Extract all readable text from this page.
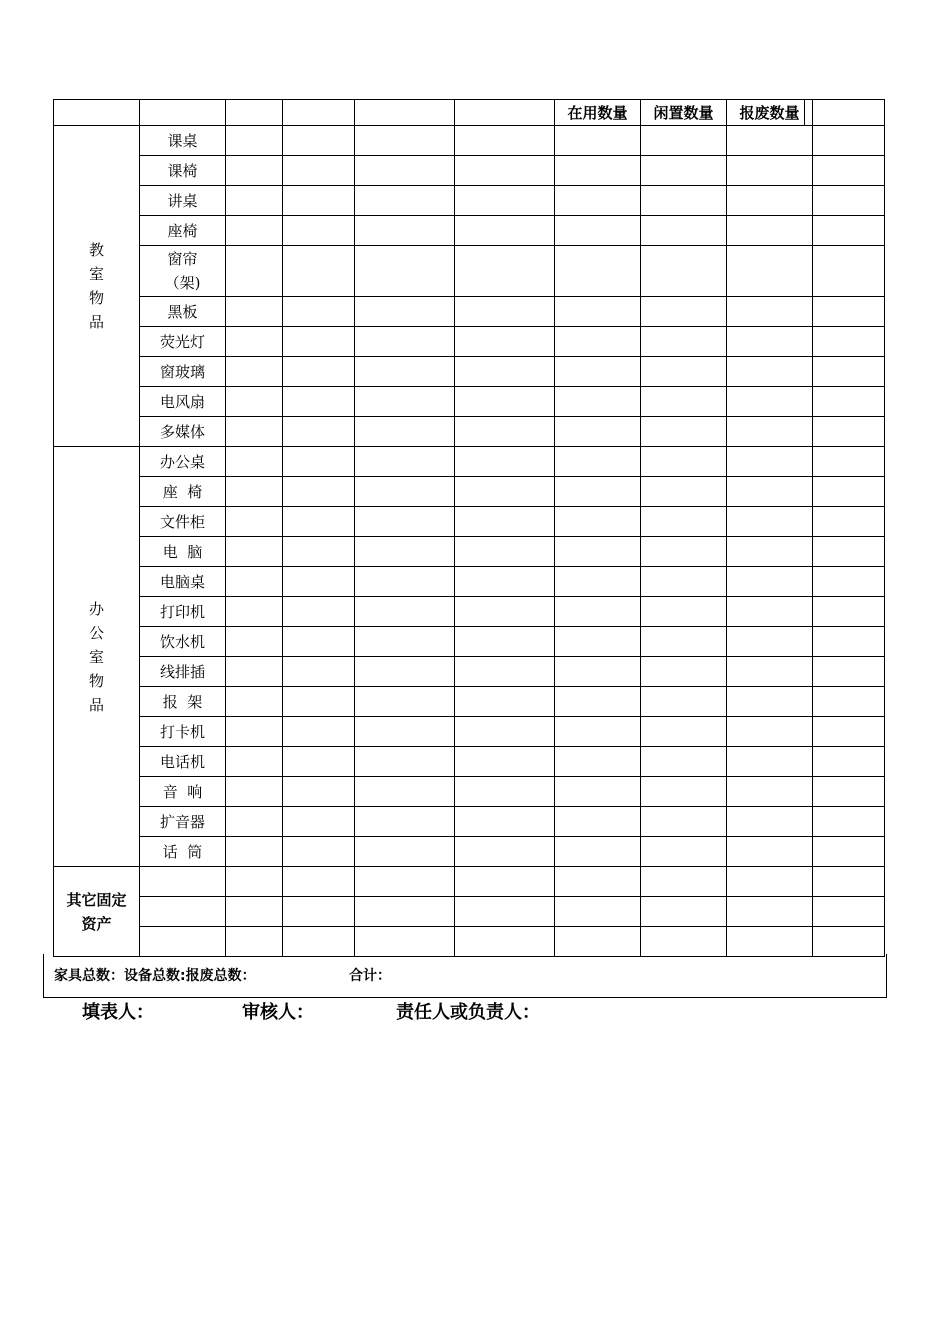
						在用数量	闲置数量	报废数量

教
室
物
品	课桌								
	课椅								
	讲桌								
	座椅								
	窗帘（架)								
	黑板								
	荧光灯								
	窗玻璃								
	电风扇								
	多媒体								

办
公
室
物
品	办公桌								
	座  椅								
	文件柜								
	电  脑								
	电脑桌								
	打印机								
	饮水机								
	线排插								
	报  架								
	打卡机								
	电话机								
	音  响								
	扩音器								
	话  筒								
其它固定资产									

家具总数：设备总数:报废总数：	合计：
填表人：	审核人：	责任人或负责人：
